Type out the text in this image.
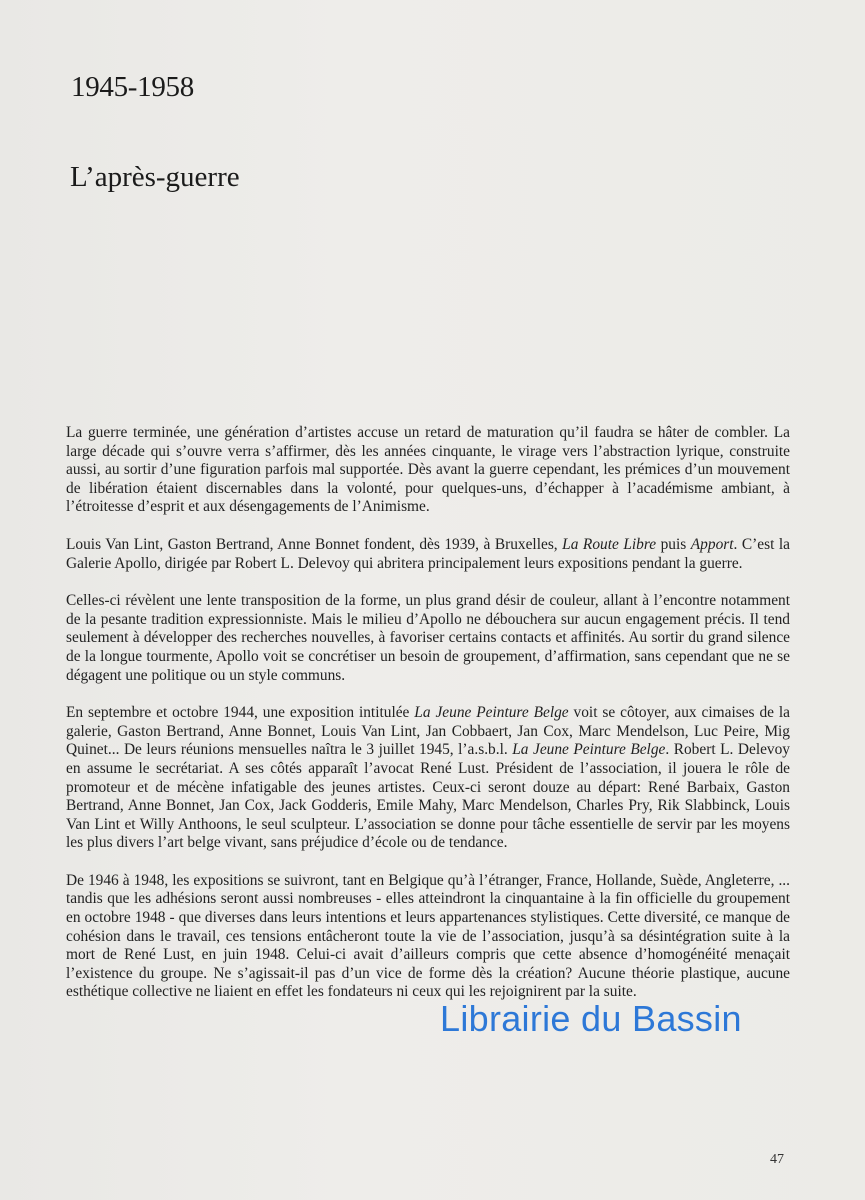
1945-1958
L’après-guerre

La guerre terminée, une génération d’artistes accuse un retard de maturation qu’il faudra se hâter de combler. La large décade qui s’ouvre verra s’affirmer, dès les années cinquante, le virage vers l’abstraction lyrique, construite aussi, au sortir d’une figuration parfois mal supportée. Dès avant la guerre cependant, les prémices d’un mouvement de libération étaient discernables dans la volonté, pour quelques-uns, d’échapper à l’académisme ambiant, à l’étroitesse d’esprit et aux désengagements de l’Animisme.

Louis Van Lint, Gaston Bertrand, Anne Bonnet fondent, dès 1939, à Bruxelles, La Route Libre puis Apport. C’est la Galerie Apollo, dirigée par Robert L. Delevoy qui abritera principalement leurs expositions pendant la guerre.

Celles-ci révèlent une lente transposition de la forme, un plus grand désir de couleur, allant à l’encontre notamment de la pesante tradition expressionniste. Mais le milieu d’Apollo ne débouchera sur aucun engagement précis. Il tend seulement à développer des recherches nouvelles, à favoriser certains contacts et affinités. Au sortir du grand silence de la longue tourmente, Apollo voit se concrétiser un besoin de groupement, d’affirmation, sans cependant que ne se dégagent une politique ou un style communs.

En septembre et octobre 1944, une exposition intitulée La Jeune Peinture Belge voit se côtoyer, aux cimaises de la galerie, Gaston Bertrand, Anne Bonnet, Louis Van Lint, Jan Cobbaert, Jan Cox, Marc Mendelson, Luc Peire, Mig Quinet... De leurs réunions mensuelles naîtra le 3 juillet 1945, l’a.s.b.l. La Jeune Peinture Belge. Robert L. Delevoy en assume le secrétariat. A ses côtés apparaît l’avocat René Lust. Président de l’association, il jouera le rôle de promoteur et de mécène infatigable des jeunes artistes. Ceux-ci seront douze au départ: René Barbaix, Gaston Bertrand, Anne Bonnet, Jan Cox, Jack Godderis, Emile Mahy, Marc Mendelson, Charles Pry, Rik Slabbinck, Louis Van Lint et Willy Anthoons, le seul sculpteur. L’association se donne pour tâche essentielle de servir par les moyens les plus divers l’art belge vivant, sans préjudice d’école ou de tendance.

De 1946 à 1948, les expositions se suivront, tant en Belgique qu’à l’étranger, France, Hollande, Suède, Angleterre, ... tandis que les adhésions seront aussi nombreuses - elles atteindront la cinquantaine à la fin officielle du groupement en octobre 1948 - que diverses dans leurs intentions et leurs appartenances stylistiques. Cette diversité, ce manque de cohésion dans le travail, ces tensions entâcheront toute la vie de l’association, jusqu’à sa désintégration suite à la mort de René Lust, en juin 1948. Celui-ci avait d’ailleurs compris que cette absence d’homogénéité menaçait l’existence du groupe. Ne s’agissait-il pas d’un vice de forme dès la création? Aucune théorie plastique, aucune esthétique collective ne liaient en effet les fondateurs ni ceux qui les rejoignirent par la suite.

Librairie du Bassin
47
